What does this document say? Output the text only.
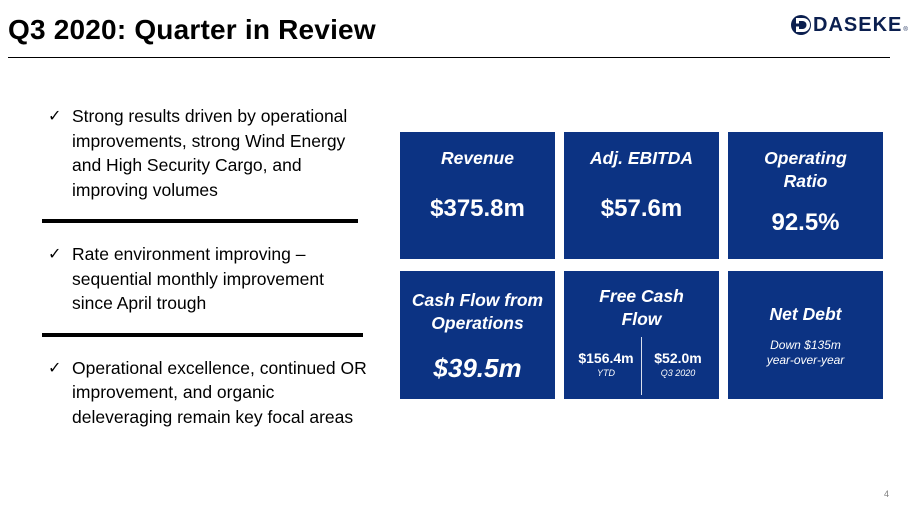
Q3 2020: Quarter in Review	DASEKE ®
✓ Strong results driven by operational improvements, strong Wind Energy and High Security Cargo, and improving volumes
✓ Rate environment improving – sequential monthly improvement since April trough
✓ Operational excellence, continued OR improvement, and organic deleveraging remain key focal areas
Revenue
$375.8m
Adj. EBITDA
$57.6m
Operating
Ratio
92.5%
Cash Flow from
Operations
$39.5m
Free Cash
Flow
$156.4m
YTD
$52.0m
Q3 2020
Net Debt
Down $135m
year-over-year
4
